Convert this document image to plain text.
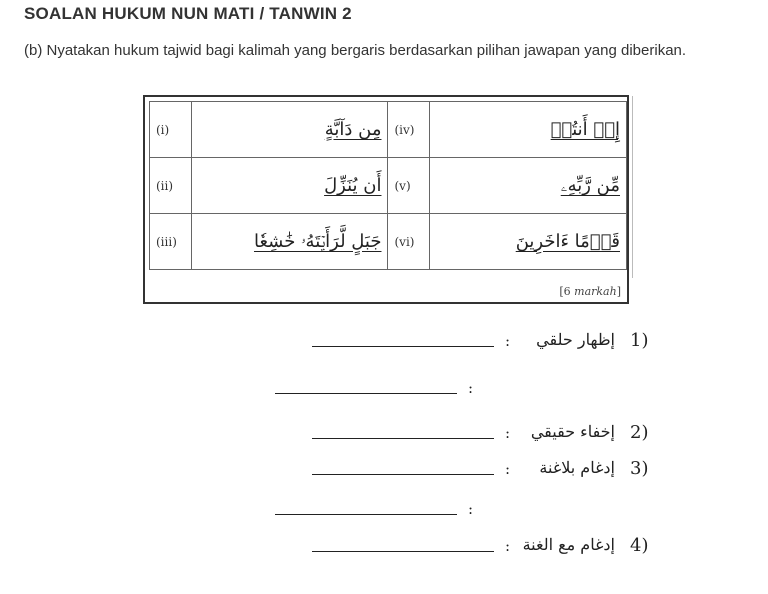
SOALAN HUKUM NUN MATI / TANWIN 2
(b) Nyatakan hukum tajwid bagi kalimah yang bergaris berdasarkan pilihan jawapan yang diberikan.
(i)	مِن دَآبَّةٍ	(iv)	إِنۡ أَنتُمۡ
(ii)	أَن يُنَزِّلَ	(v)	مِّن رَّبِّهِۦ
(iii)	جَبَلٍ لَّرَأَيۡتَهُۥ خَٰشِعٗا	(vi)	قَوۡمًا ءَاخَرِينَ
[6 markah]
:	إظهار حلقي 1)
:
:	إخفاء حقيقي 2)
:	إدغام بلاغنة 3)
:
: إدغام مع الغنة 4)
